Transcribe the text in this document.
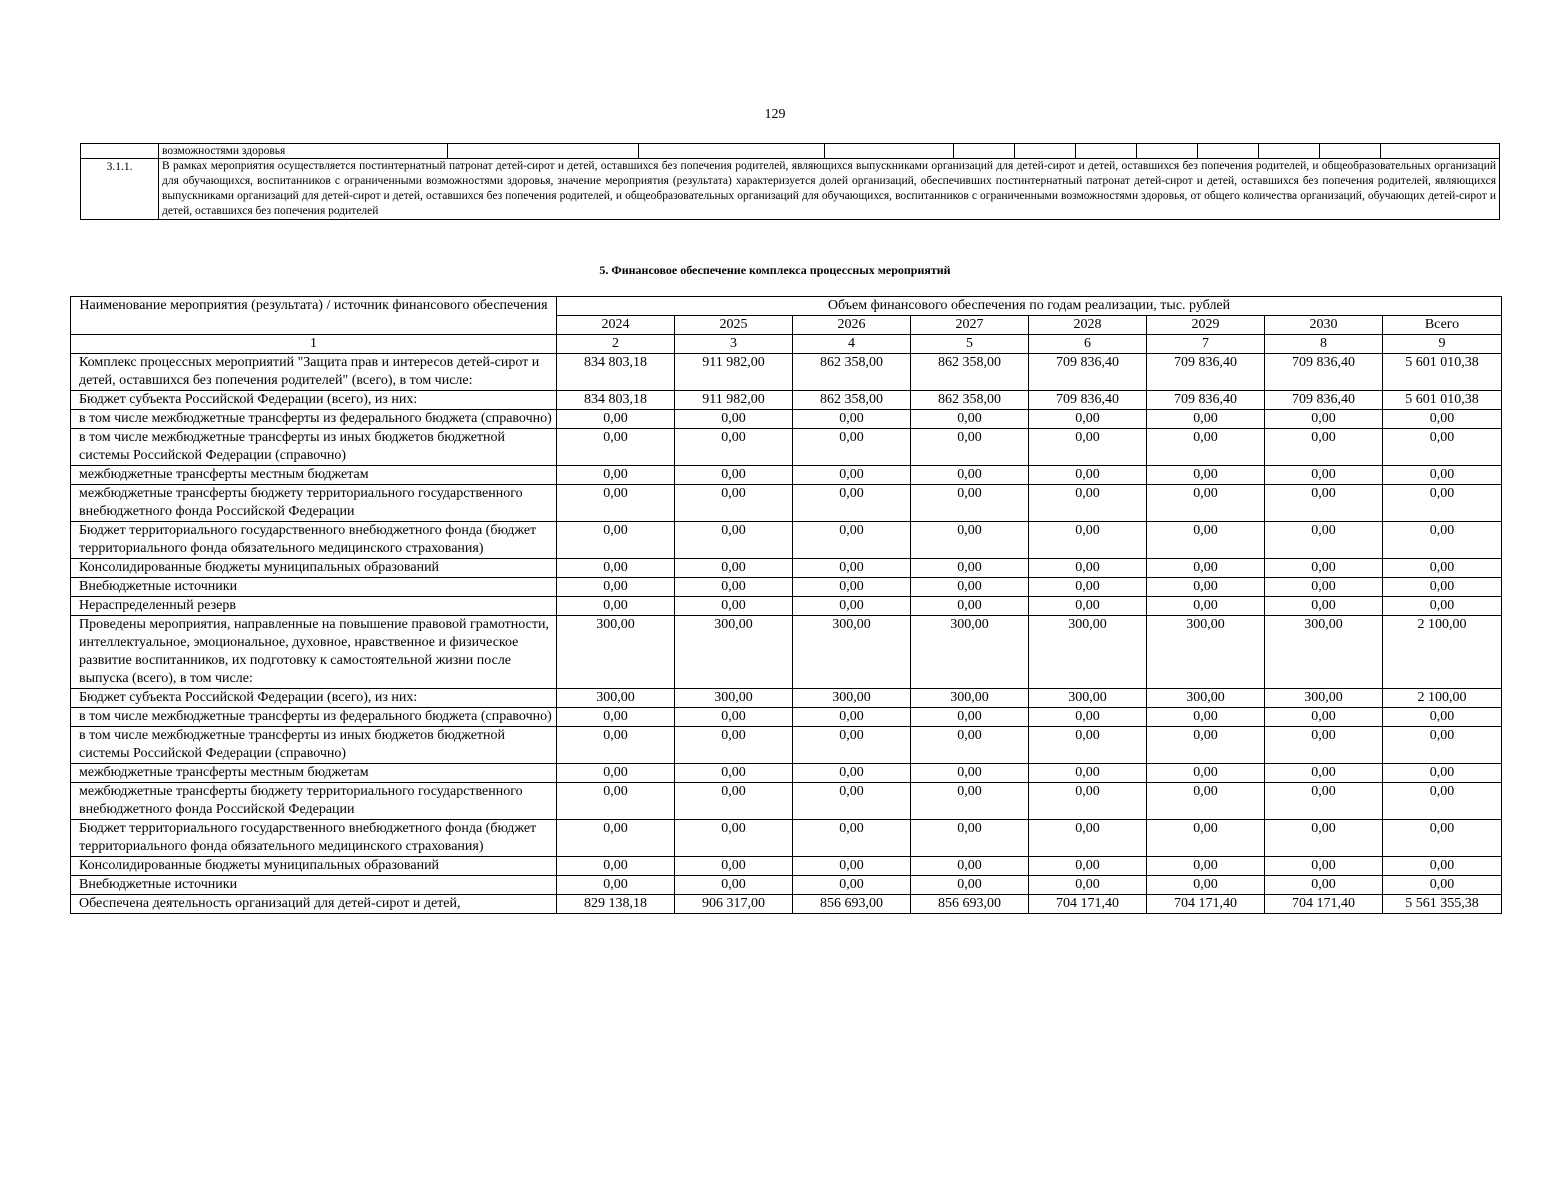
129

	возможностями здоровья

3.1.1.	В рамках мероприятия осуществляется постинтернатный патронат детей-сирот и детей, оставшихся без попечения родителей, являющихся выпускниками организаций для детей-сирот и детей, оставшихся без попечения родителей, и общеобразовательных организаций для обучающихся, воспитанников с ограниченными возможностями здоровья, значение мероприятия (результата) характеризуется долей организаций, обеспечивших постинтернатный патронат детей-сирот и детей, оставшихся без попечения родителей, являющихся выпускниками организаций для детей-сирот и детей, оставшихся без попечения родителей, и общеобразовательных организаций для обучающихся, воспитанников с ограниченными возможностями здоровья, от общего количества организаций, обучающих детей-сирот и детей, оставшихся без попечения родителей
5. Финансовое обеспечение комплекса процессных мероприятий
Наименование мероприятия (результата) / источник финансового обеспечения	Объем финансового обеспечения по годам реализации, тыс. рублей							
	2024	2025	2026	2027	2028	2029	2030	Всего
1	2	3	4	5	6	7	8	9
Комплекс процессных мероприятий "Защита прав и интересов детей-сирот и детей, оставшихся без попечения родителей" (всего), в том числе:	834 803,18	911 982,00	862 358,00	862 358,00	709 836,40	709 836,40	709 836,40	5 601 010,38
Бюджет субъекта Российской Федерации (всего), из них:	834 803,18	911 982,00	862 358,00	862 358,00	709 836,40	709 836,40	709 836,40	5 601 010,38
в том числе межбюджетные трансферты из федерального бюджета (справочно)	0,00	0,00	0,00	0,00	0,00	0,00	0,00	0,00
в том числе межбюджетные трансферты из иных бюджетов бюджетной системы Российской Федерации (справочно)	0,00	0,00	0,00	0,00	0,00	0,00	0,00	0,00
межбюджетные трансферты местным бюджетам	0,00	0,00	0,00	0,00	0,00	0,00	0,00	0,00
межбюджетные трансферты бюджету территориального государственного внебюджетного фонда Российской Федерации	0,00	0,00	0,00	0,00	0,00	0,00	0,00	0,00
Бюджет территориального государственного внебюджетного фонда (бюджет территориального фонда обязательного медицинского страхования)	0,00	0,00	0,00	0,00	0,00	0,00	0,00	0,00
Консолидированные бюджеты муниципальных образований	0,00	0,00	0,00	0,00	0,00	0,00	0,00	0,00
Внебюджетные источники	0,00	0,00	0,00	0,00	0,00	0,00	0,00	0,00
Нераспределенный резерв	0,00	0,00	0,00	0,00	0,00	0,00	0,00	0,00
Проведены мероприятия, направленные на повышение правовой грамотности, интеллектуальное, эмоциональное, духовное, нравственное и физическое развитие воспитанников, их подготовку к самостоятельной жизни после выпуска (всего), в том числе:	300,00	300,00	300,00	300,00	300,00	300,00	300,00	2 100,00
Бюджет субъекта Российской Федерации (всего), из них:	300,00	300,00	300,00	300,00	300,00	300,00	300,00	2 100,00
в том числе межбюджетные трансферты из федерального бюджета (справочно)	0,00	0,00	0,00	0,00	0,00	0,00	0,00	0,00
в том числе межбюджетные трансферты из иных бюджетов бюджетной системы Российской Федерации (справочно)	0,00	0,00	0,00	0,00	0,00	0,00	0,00	0,00
межбюджетные трансферты местным бюджетам	0,00	0,00	0,00	0,00	0,00	0,00	0,00	0,00
межбюджетные трансферты бюджету территориального государственного внебюджетного фонда Российской Федерации	0,00	0,00	0,00	0,00	0,00	0,00	0,00	0,00
Бюджет территориального государственного внебюджетного фонда (бюджет территориального фонда обязательного медицинского страхования)	0,00	0,00	0,00	0,00	0,00	0,00	0,00	0,00
Консолидированные бюджеты муниципальных образований	0,00	0,00	0,00	0,00	0,00	0,00	0,00	0,00
Внебюджетные источники	0,00	0,00	0,00	0,00	0,00	0,00	0,00	0,00
Обеспечена деятельность организаций для детей-сирот и детей,	829 138,18	906 317,00	856 693,00	856 693,00	704 171,40	704 171,40	704 171,40	5 561 355,38
